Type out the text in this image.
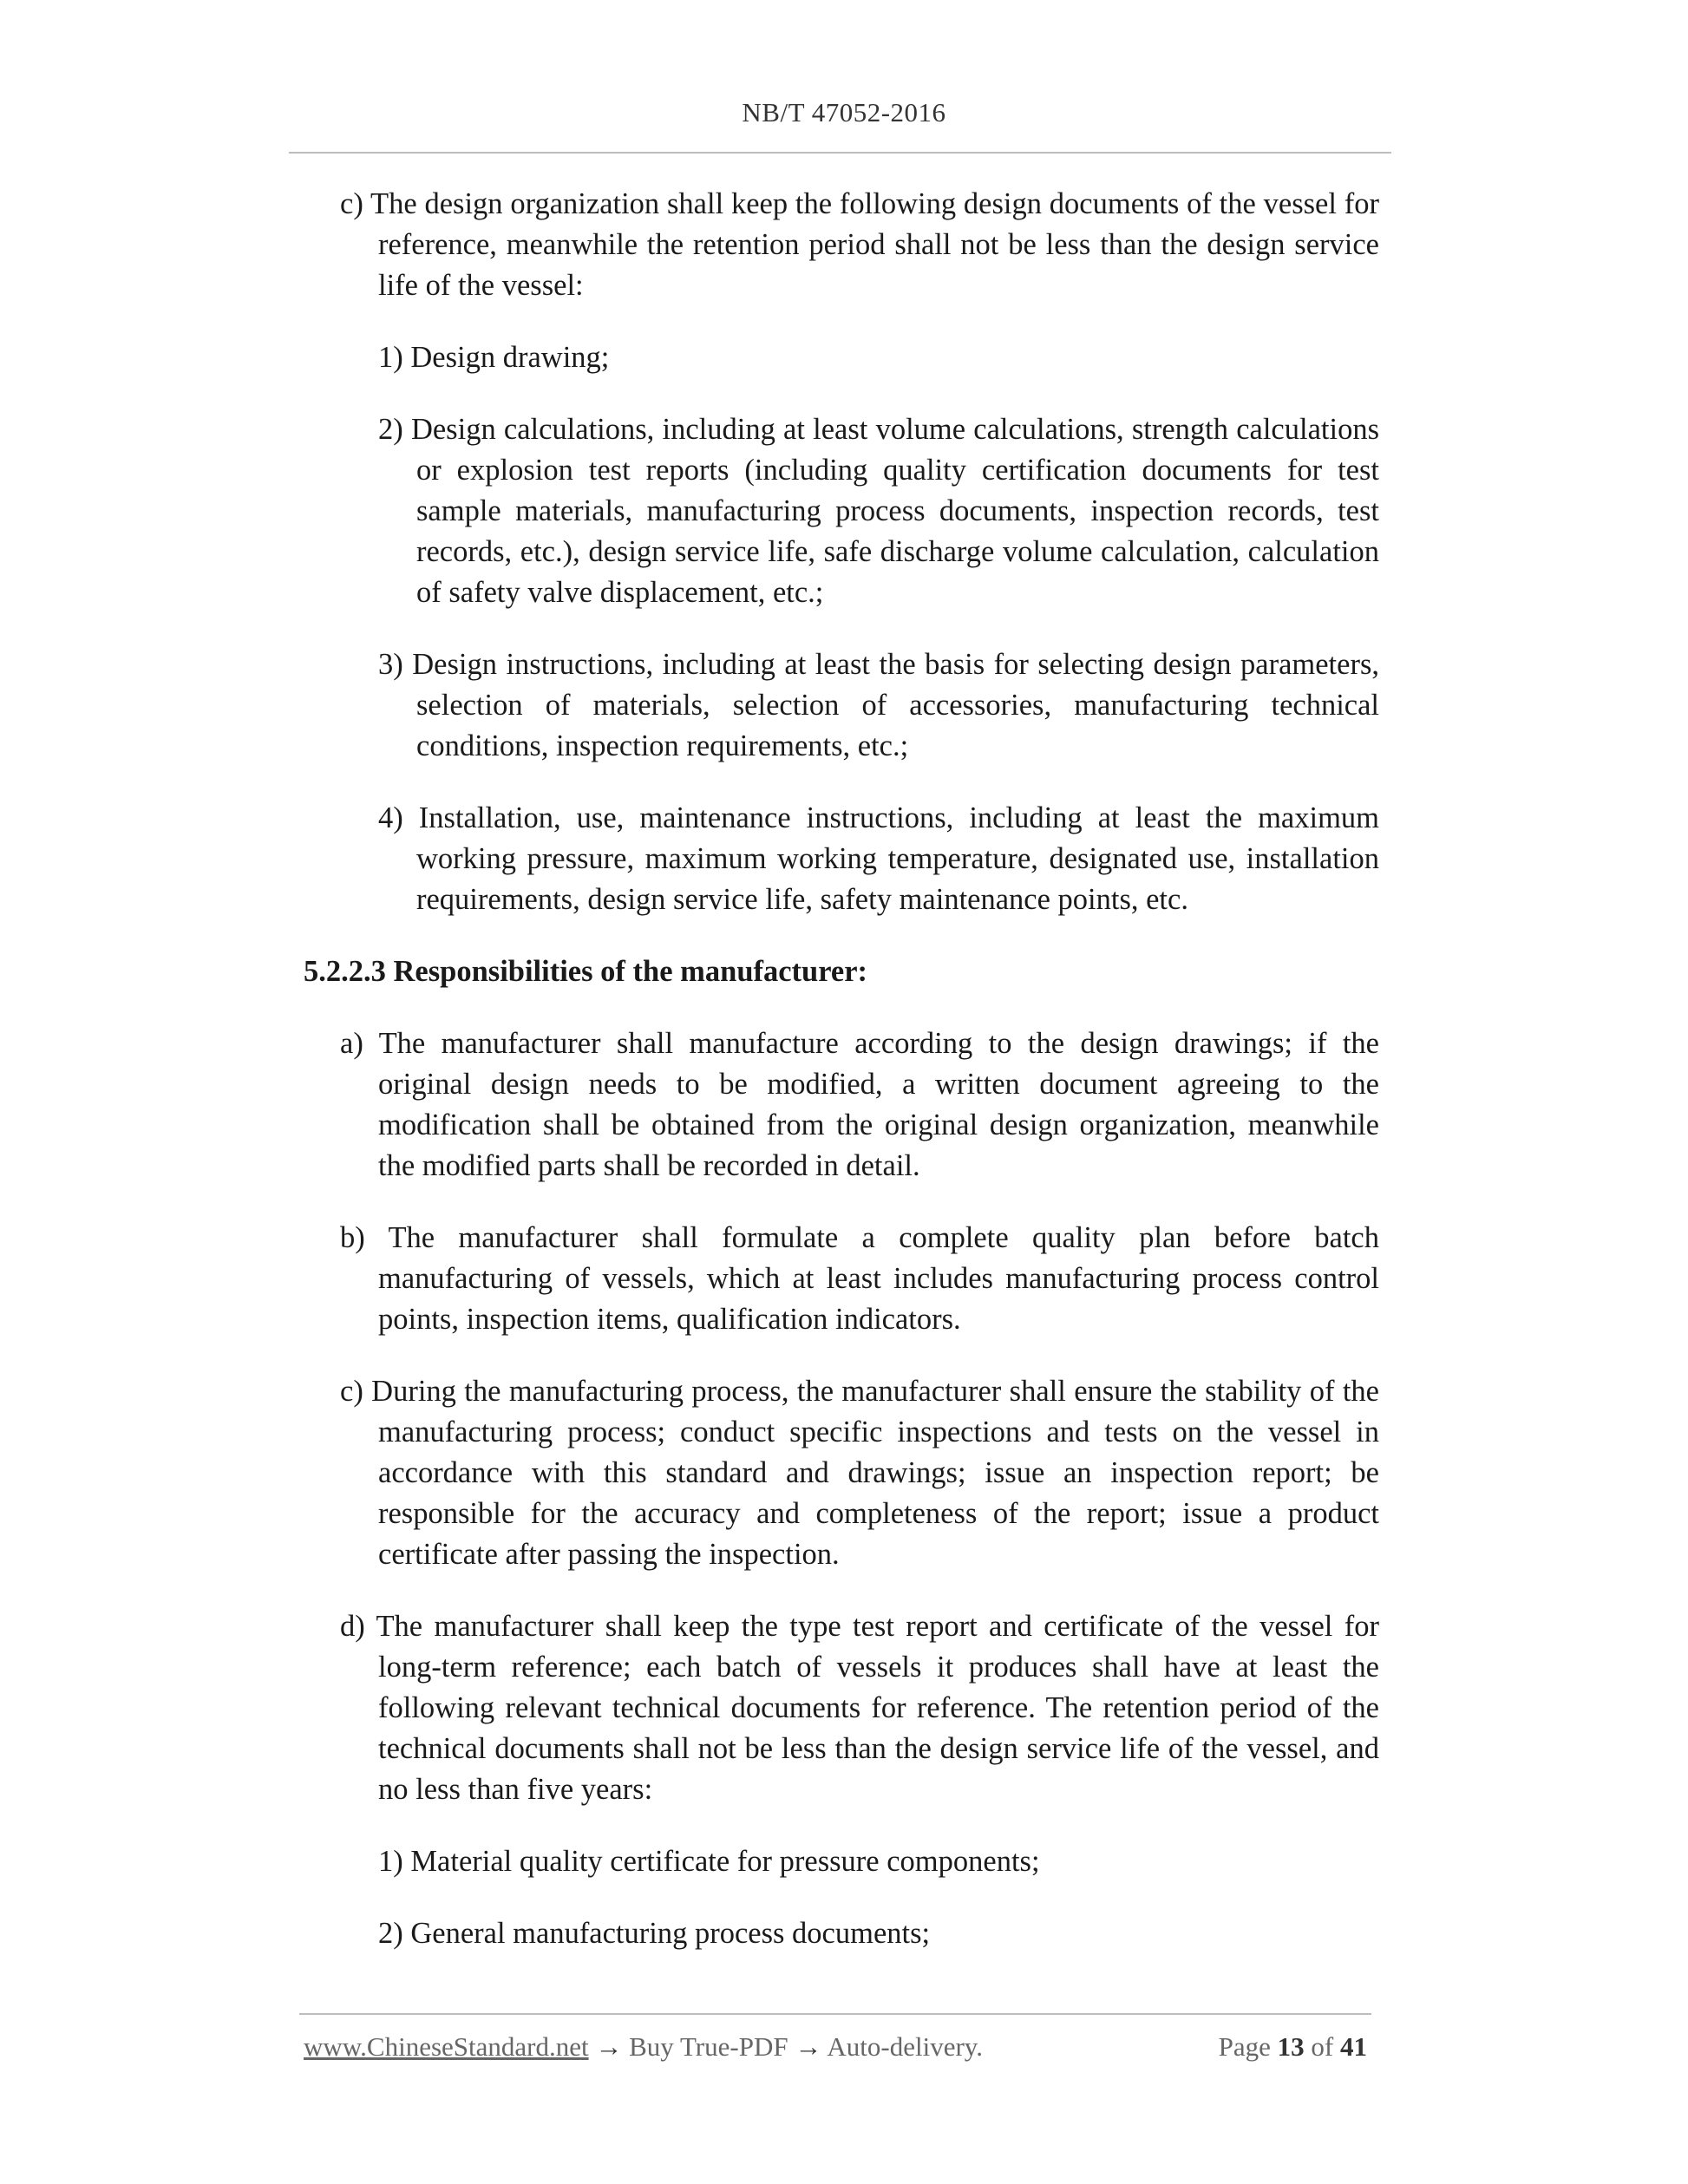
NB/T 47052-2016
c) The design organization shall keep the following design documents of the vessel for reference, meanwhile the retention period shall not be less than the design service life of the vessel:
1) Design drawing;
2) Design calculations, including at least volume calculations, strength calculations or explosion test reports (including quality certification documents for test sample materials, manufacturing process documents, inspection records, test records, etc.), design service life, safe discharge volume calculation, calculation of safety valve displacement, etc.;
3) Design instructions, including at least the basis for selecting design parameters, selection of materials, selection of accessories, manufacturing technical conditions, inspection requirements, etc.;
4) Installation, use, maintenance instructions, including at least the maximum working pressure, maximum working temperature, designated use, installation requirements, design service life, safety maintenance points, etc.
5.2.2.3 Responsibilities of the manufacturer:
a) The manufacturer shall manufacture according to the design drawings; if the original design needs to be modified, a written document agreeing to the modification shall be obtained from the original design organization, meanwhile the modified parts shall be recorded in detail.
b) The manufacturer shall formulate a complete quality plan before batch manufacturing of vessels, which at least includes manufacturing process control points, inspection items, qualification indicators.
c) During the manufacturing process, the manufacturer shall ensure the stability of the manufacturing process; conduct specific inspections and tests on the vessel in accordance with this standard and drawings; issue an inspection report; be responsible for the accuracy and completeness of the report; issue a product certificate after passing the inspection.
d) The manufacturer shall keep the type test report and certificate of the vessel for long-term reference; each batch of vessels it produces shall have at least the following relevant technical documents for reference. The retention period of the technical documents shall not be less than the design service life of the vessel, and no less than five years:
1) Material quality certificate for pressure components;
2) General manufacturing process documents;
www.ChineseStandard.net → Buy True-PDF → Auto-delivery.	Page 13 of 41
